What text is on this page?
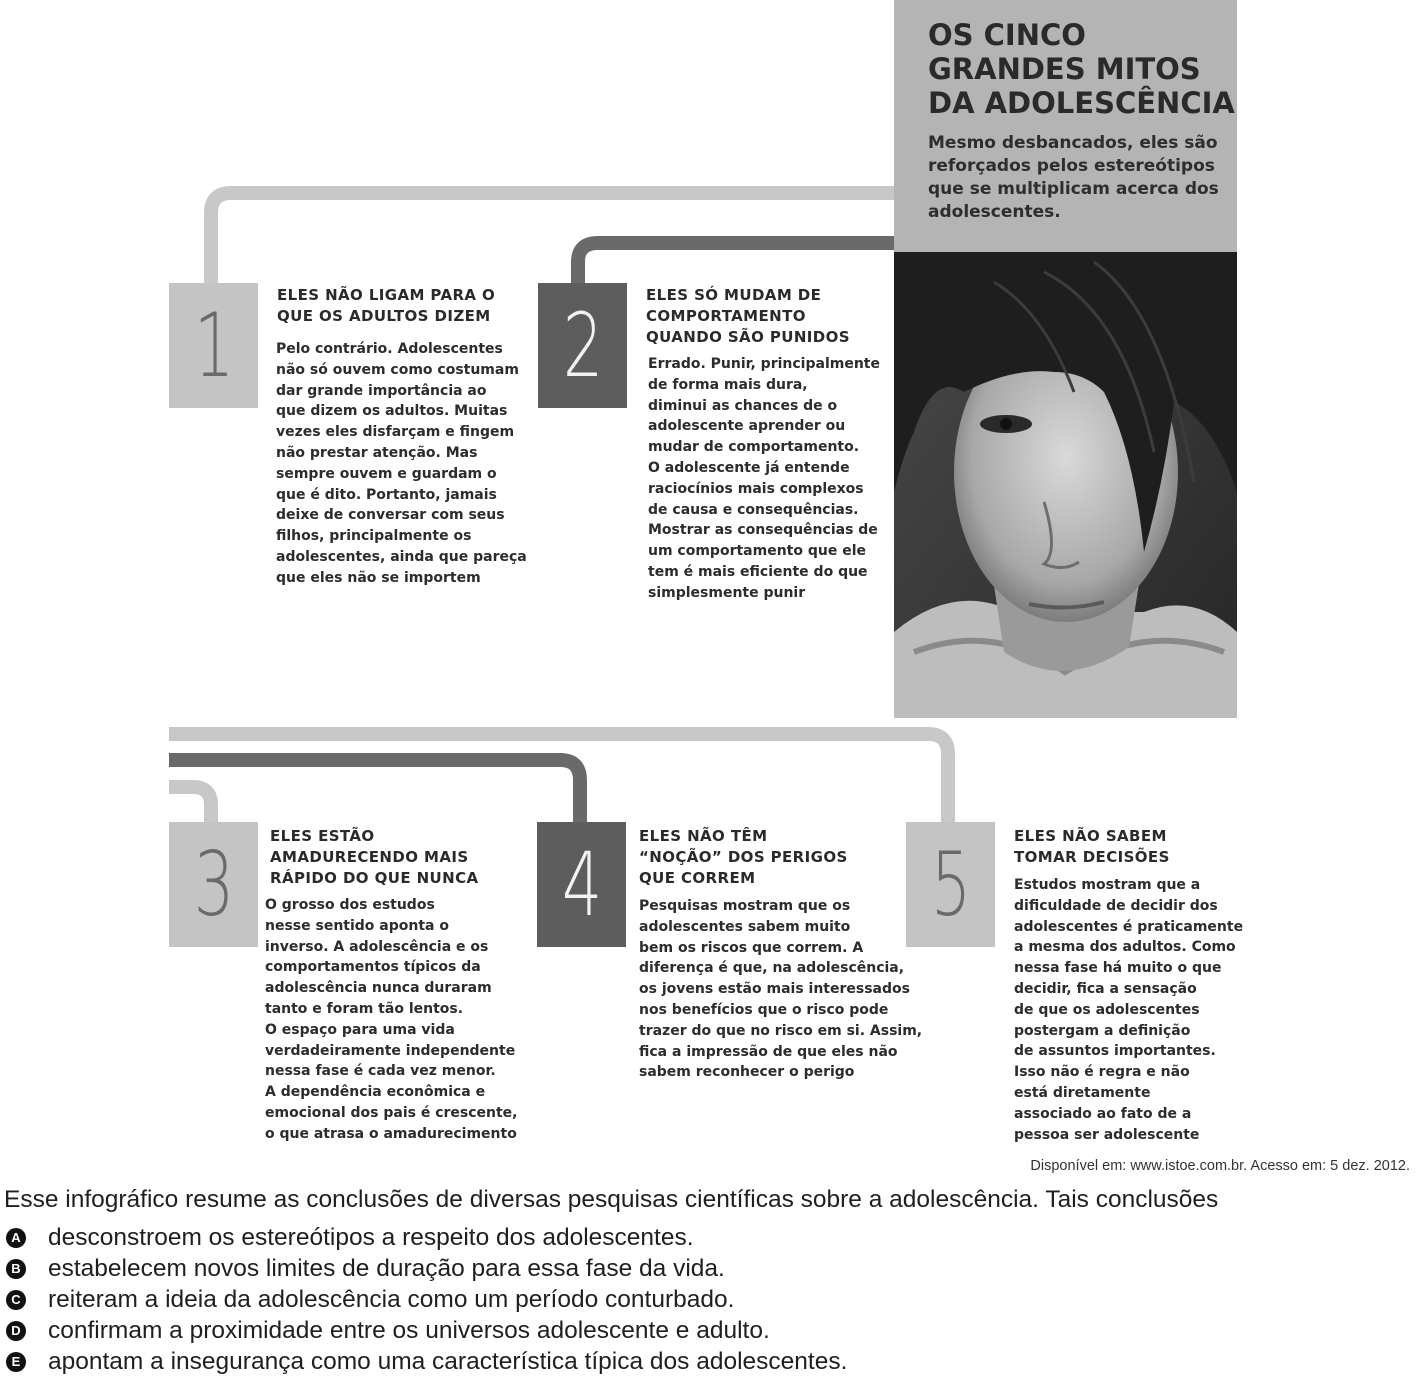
OS CINCO
GRANDES MITOS
DA ADOLESCÊNCIA

Mesmo desbancados, eles são
reforçados pelos estereótipos
que se multiplicam acerca dos
adolescentes.

1	ELES NÃO LIGAM PARA O
QUE OS ADULTOS DIZEM

Pelo contrário. Adolescentes
não só ouvem como costumam
dar grande importância ao
que dizem os adultos. Muitas
vezes eles disfarçam e fingem
não prestar atenção. Mas
sempre ouvem e guardam o
que é dito. Portanto, jamais
deixe de conversar com seus
filhos, principalmente os
adolescentes, ainda que pareça
que eles não se importem

2	ELES SÓ MUDAM DE
COMPORTAMENTO
QUANDO SÃO PUNIDOS

Errado. Punir, principalmente
de forma mais dura,
diminui as chances de o
adolescente aprender ou
mudar de comportamento.
O adolescente já entende
raciocínios mais complexos
de causa e consequências.
Mostrar as consequências de
um comportamento que ele
tem é mais eficiente do que
simplesmente punir

3 ELES ESTÃO
AMADURECENDO MAIS
RÁPIDO DO QUE NUNCA

O grosso dos estudos
nesse sentido aponta o
inverso. A adolescência e os
comportamentos típicos da
adolescência nunca duraram
tanto e foram tão lentos.
O espaço para uma vida
verdadeiramente independente
nessa fase é cada vez menor.
A dependência econômica e
emocional dos pais é crescente,
o que atrasa o amadurecimento

4 ELES NÃO TÊM
“NOÇÃO” DOS PERIGOS
QUE CORREM

Pesquisas mostram que os
adolescentes sabem muito
bem os riscos que correm. A
diferença é que, na adolescência,
os jovens estão mais interessados
nos benefícios que o risco pode
trazer do que no risco em si. Assim,
fica a impressão de que eles não
sabem reconhecer o perigo

5	ELES NÃO SABEM
TOMAR DECISÕES

Estudos mostram que a
dificuldade de decidir dos
adolescentes é praticamente
a mesma dos adultos. Como
nessa fase há muito o que
decidir, fica a sensação
de que os adolescentes
postergam a definição
de assuntos importantes.
Isso não é regra e não
está diretamente
associado ao fato de a
pessoa ser adolescente

Disponível em: www.istoe.com.br. Acesso em: 5 dez. 2012.
Esse infográfico resume as conclusões de diversas pesquisas científicas sobre a adolescência. Tais conclusões
A desconstroem os estereótipos a respeito dos adolescentes.
B estabelecem novos limites de duração para essa fase da vida.
C reiteram a ideia da adolescência como um período conturbado.
D confirmam a proximidade entre os universos adolescente e adulto.
E apontam a insegurança como uma característica típica dos adolescentes.
